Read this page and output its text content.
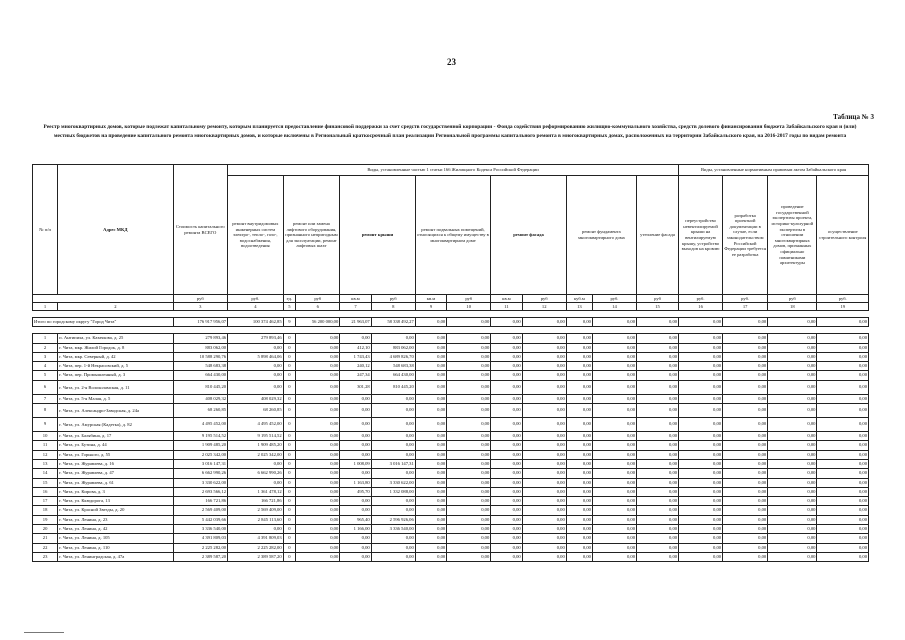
23
Таблица № 3
Реестр многоквартирных домов, которые подлежат капитальному ремонту, которым планируется предоставление финансовой поддержки за счет средств государственной корпорации - Фонда содействия реформированию жилищно-коммунального хозяйства, средств долевого финансирования бюджета Забайкальского края и (или) местных бюджетов на проведение капитального ремонта многоквартирных домов, и которые включены в Региональный краткосрочный план реализации Региональной программы капитального ремонта в многоквартирных домах, расположенных на территории Забайкальского края, на 2016-2017 годы по видам ремонта
№ п/п	Адрес МКД	Стоимость капитального ремонта ВСЕГО	Виды, установленные частью 1 статьи 166 Жилищного Кодекса Российской Федерации												Виды, установленные нормативным правовым актом Забайкальского края			
			ремонт внутридомовых инженерных систем электро-, тепло-, газо-, водоснабжения, водоотведения	ремонт или замена лифтового оборудования, признанного непригодным для эксплуатации, ремонт лифтовых шахт		ремонт крыши		ремонт подвальных помещений, относящихся к общему имуществу в многоквартирном доме		ремонт фасада		ремонт фундамента многоквартирного дома		утепление фасада	переустройство невентилируемой крыши на вентилируемую крышу, устройство выходов на кровлю	разработка проектной документации в случае, если законодательством Российской Федерации требуется ее разработка	проведение государственной экспертизы проекта, историко-культурной экспертизы в отношении многоквартирных домов, признанных официально памятниками архитектуры	осуществление строительного контроля
		руб	руб.	ед.	руб	кв.м	руб	кв.м	руб	кв.м	руб	куб.м	руб.	руб	руб.	руб.	руб	руб.
1	2	3	4	5	6	7	8	9	10	11	12	13	14	15	16	17	18	19

Итого по городскому округу "Город Чита"		176 917 956,07	100 374 462,85	9	56 200 000,00	21 963,07	58 338 492,27	0,00	0,00	0,00	0,00	0,00	0,00	0,00	0,00	0,00	0,00	0,00

1	п. Антипиха, ул. Казачкова, д. 25	279 893,46	279 893,46	0	0,00	0,00	0,00	0,00	0,00	0,00	0,00	0,00	0,00	0,00	0,00	0,00	0,00	0,00
2	г. Чита, мкр. Жилой Городок, д. 8	883 062,00	0,00	0	0,00	412,10	883 062,00	0,00	0,00	0,00	0,00	0,00	0,00	0,00	0,00	0,00	0,00	0,00
3	г. Чита, мкр. Северный, д. 42	10 588 290,76	5 898 464,06	0	0,00	1 743,43	4 689 826,70	0,00	0,00	0,00	0,00	0,00	0,00	0,00	0,00	0,00	0,00	0,00
4	г. Чита, пер. 1-й Некрасовский, д. 5	548 683,38	0,00	0	0,00	240,12	548 683,38	0,00	0,00	0,00	0,00	0,00	0,00	0,00	0,00	0,00	0,00	0,00
5	г. Чита, пер. Промышленный, д. 3	664 430,00	0,00	0	0,00	247,34	664 430,00	0,00	0,00	0,00	0,00	0,00	0,00	0,00	0,00	0,00	0,00	0,00
6	г. Чита, ул. 2-я Волоколамская, д. 11	810 445,20	0,00	0	0,00	301,28	810 445,20	0,00	0,00	0,00	0,00	0,00	0,00	0,00	0,00	0,00	0,00	0,00
7	г. Чита, ул. 5-я Малая, д. 5	408 029,32	408 029,32	0	0,00	0,00	0,00	0,00	0,00	0,00	0,00	0,00	0,00	0,00	0,00	0,00	0,00	0,00
8	г. Чита, ул. Александро-Заводская, д. 24а	68 260,85	68 260,85	0	0,00	0,00	0,00	0,00	0,00	0,00	0,00	0,00	0,00	0,00	0,00	0,00	0,00	0,00
9	г. Чита, ул. Амурская (Кадетка), д. 82	4 495 452,00	4 495 452,00	0	0,00	0,00	0,00	0,00	0,00	0,00	0,00	0,00	0,00	0,00	0,00	0,00	0,00	0,00
10	г. Чита, ул. Балябина, д. 17	9 195 514,52	9 195 514,52	0	0,00	0,00	0,00	0,00	0,00	0,00	0,00	0,00	0,00	0,00	0,00	0,00	0,00	0,00
11	г. Чита, ул. Бутина, д. 44	1 909 485,20	1 909 485,20	0	0,00	0,00	0,00	0,00	0,00	0,00	0,00	0,00	0,00	0,00	0,00	0,00	0,00	0,00
12	г. Чита, ул. Горького, д. 55	2 025 342,00	2 025 342,00	0	0,00	0,00	0,00	0,00	0,00	0,00	0,00	0,00	0,00	0,00	0,00	0,00	0,00	0,00
13	г. Чита, ул. Журавлева, д. 16	3 016 147,31	0,00	0	0,00	1 008,09	3 016 147,31	0,00	0,00	0,00	0,00	0,00	0,00	0,00	0,00	0,00	0,00	0,00
14	г. Чита, ул. Журавлева, д. 47	6 662 990,26	6 662 990,26	0	0,00	0,00	0,00	0,00	0,00	0,00	0,00	0,00	0,00	0,00	0,00	0,00	0,00	0,00
15	г. Чита, ул. Журавлева, д. 61	3 330 622,00	0,00	0	0,00	1 163,80	3 330 622,00	0,00	0,00	0,00	0,00	0,00	0,00	0,00	0,00	0,00	0,00	0,00
16	г. Чита, ул. Кирова, д. 3	2 693 566,12	1 361 478,12	0	0,00	495,70	1 332 088,00	0,00	0,00	0,00	0,00	0,00	0,00	0,00	0,00	0,00	0,00	0,00
17	г. Чита, ул. Ккюдорога, 13	166 721,86	166 721,86	0	0,00	0,00	0,00	0,00	0,00	0,00	0,00	0,00	0,00	0,00	0,00	0,00	0,00	0,00
18	г. Чита, ул. Красной Звезды, д. 20	2 569 409,00	2 569 409,00	0	0,00	0,00	0,00	0,00	0,00	0,00	0,00	0,00	0,00	0,00	0,00	0,00	0,00	0,00
19	г. Чита, ул. Ленина, д. 23	5 442 039,66	2 845 113,60	0	0,00	965,40	2 596 926,06	0,00	0,00	0,00	0,00	0,00	0,00	0,00	0,00	0,00	0,00	0,00
20	г. Чита, ул. Ленина, д. 42	3 336 540,00	0,00	0	0,00	1 166,00	3 336 540,00	0,00	0,00	0,00	0,00	0,00	0,00	0,00	0,00	0,00	0,00	0,00
21	г. Чита, ул. Ленина, д. 105	4 391 809,03	4 391 809,03	0	0,00	0,00	0,00	0,00	0,00	0,00	0,00	0,00	0,00	0,00	0,00	0,00	0,00	0,00
22	г. Чита, ул. Ленина, д. 110	2 225 282,00	2 225 282,00	0	0,00	0,00	0,00	0,00	0,00	0,00	0,00	0,00	0,00	0,00	0,00	0,00	0,00	0,00
23	г. Чита, ул. Ленинградская, д. 47а	2 389 587,20	2 389 587,20	0	0,00	0,00	0,00	0,00	0,00	0,00	0,00	0,00	0,00	0,00	0,00	0,00	0,00	0,00
